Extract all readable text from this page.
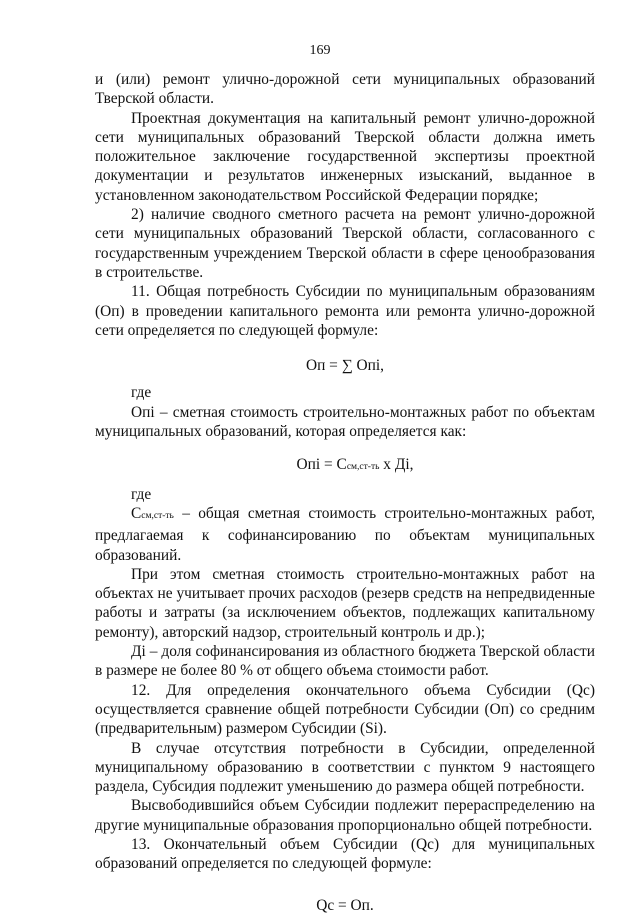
169

и (или) ремонт улично-дорожной сети муниципальных образований Тверской области.

Проектная документация на капитальный ремонт улично-дорожной сети муниципальных образований Тверской области должна иметь положительное заключение государственной экспертизы проектной документации и результатов инженерных изысканий, выданное в установленном законодательством Российской Федерации порядке;

2) наличие сводного сметного расчета на ремонт улично-дорожной сети муниципальных образований Тверской области, согласованного с государственным учреждением Тверской области в сфере ценообразования в строительстве.

11. Общая потребность Субсидии по муниципальным образованиям (Оп) в проведении капитального ремонта или ремонта улично-дорожной сети определяется по следующей формуле:

Оп = ∑ Опi,

где

Опi – сметная стоимость строительно-монтажных работ по объектам муниципальных образований, которая определяется как:

Опi = Ссм,ст-ть х Дi,

где

Ссм,ст-ть – общая сметная стоимость строительно-монтажных работ, предлагаемая к софинансированию по объектам муниципальных образований.

При этом сметная стоимость строительно-монтажных работ на объектах не учитывает прочих расходов (резерв средств на непредвиденные работы и затраты (за исключением объектов, подлежащих капитальному ремонту), авторский надзор, строительный контроль и др.);

Дi – доля софинансирования из областного бюджета Тверской области в размере не более 80 % от общего объема стоимости работ.

12. Для определения окончательного объема Субсидии (Qc) осуществляется сравнение общей потребности Субсидии (Оп) со средним (предварительным) размером Субсидии (Si).

В случае отсутствия потребности в Субсидии, определенной муниципальному образованию в соответствии с пунктом 9 настоящего раздела, Субсидия подлежит уменьшению до размера общей потребности.

Высвободившийся объем Субсидии подлежит перераспределению на другие муниципальные образования пропорционально общей потребности.

13. Окончательный объем Субсидии (Qc) для муниципальных образований определяется по следующей формуле:

Qc = Оп.
